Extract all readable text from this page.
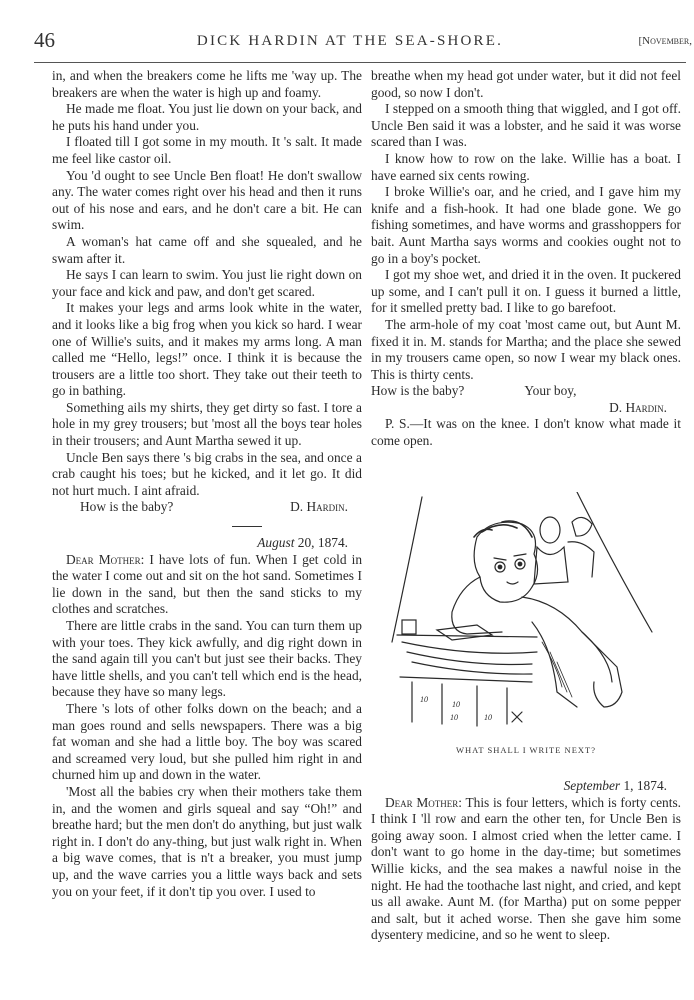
46	DICK HARDIN AT THE SEA-SHORE.	[November,

in, and when the breakers come he lifts me 'way up. The breakers are when the water is high up and foamy.

He made me float. You just lie down on your back, and he puts his hand under you.

I floated till I got some in my mouth. It 's salt. It made me feel like castor oil.

You 'd ought to see Uncle Ben float! He don't swallow any. The water comes right over his head and then it runs out of his nose and ears, and he don't care a bit. He can swim.

A woman's hat came off and she squealed, and he swam after it.

He says I can learn to swim. You just lie right down on your face and kick and paw, and don't get scared.

It makes your legs and arms look white in the water, and it looks like a big frog when you kick so hard. I wear one of Willie's suits, and it makes my arms long. A man called me “Hello, legs!” once. I think it is because the trousers are a little too short. They take out their teeth to go in bathing.

Something ails my shirts, they get dirty so fast. I tore a hole in my grey trousers; but 'most all the boys tear holes in their trousers; and Aunt Martha sewed it up.

Uncle Ben says there 's big crabs in the sea, and once a crab caught his toes; but he kicked, and it let go. It did not hurt much. I aint afraid.

How is the baby?	D. Hardin.

August 20, 1874.

Dear Mother: I have lots of fun. When I get cold in the water I come out and sit on the hot sand. Sometimes I lie down in the sand, but then the sand sticks to my clothes and scratches.

There are little crabs in the sand. You can turn them up with your toes. They kick awfully, and dig right down in the sand again till you can't but just see their backs. They have little shells, and you can't tell which end is the head, because they have so many legs.

There 's lots of other folks down on the beach; and a man goes round and sells newspapers. There was a big fat woman and she had a little boy. The boy was scared and screamed very loud, but she pulled him right in and churned him up and down in the water.

'Most all the babies cry when their mothers take them in, and the women and girls squeal and say “Oh!” and breathe hard; but the men don't do anything, but just walk right in. I don't do any-thing, but just walk right in. When a big wave comes, that is n't a breaker, you must jump up, and the wave carries you a little ways back and sets you on your feet, if it don't tip you over. I used to

breathe when my head got under water, but it did not feel good, so now I don't.

I stepped on a smooth thing that wiggled, and I got off. Uncle Ben said it was a lobster, and he said it was worse scared than I was.

I know how to row on the lake. Willie has a boat. I have earned six cents rowing.

I broke Willie's oar, and he cried, and I gave him my knife and a fish-hook. It had one blade gone. We go fishing sometimes, and have worms and grasshoppers for bait. Aunt Martha says worms and cookies ought not to go in a boy's pocket.

I got my shoe wet, and dried it in the oven. It puckered up some, and I can't pull it on. I guess it burned a little, for it smelled pretty bad. I like to go barefoot.

The arm-hole of my coat 'most came out, but Aunt M. fixed it in. M. stands for Martha; and the place she sewed in my trousers came open, so now I wear my black ones. This is thirty cents.

How is the baby?	Your boy,

D. Hardin.

P. S.—It was on the knee. I don't know what made it come open.

10
10
10	10
WHAT SHALL I WRITE NEXT?

September 1, 1874.

Dear Mother: This is four letters, which is forty cents. I think I 'll row and earn the other ten, for Uncle Ben is going away soon. I almost cried when the letter came. I don't want to go home in the day-time; but sometimes Willie kicks, and the sea makes a nawful noise in the night. He had the toothache last night, and cried, and kept us all awake. Aunt M. (for Martha) put on some pepper and salt, but it ached worse. Then she gave him some dysentery medicine, and so he went to sleep.
